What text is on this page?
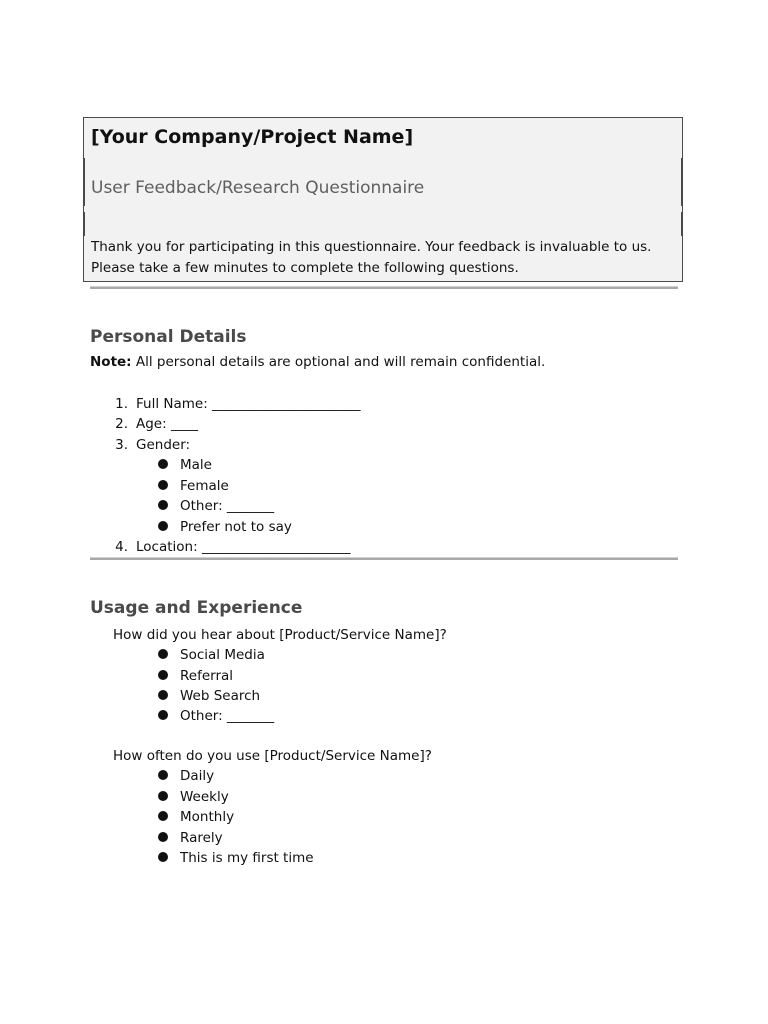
[Your Company/Project Name]
User Feedback/Research Questionnaire
Thank you for participating in this questionnaire. Your feedback is invaluable to us.
Please take a few minutes to complete the following questions.
Personal Details
Note: All personal details are optional and will remain confidential.
1. Full Name: ______________________
2. Age: ____
3. Gender:
Male
Female
Other: _______
Prefer not to say
4. Location: ______________________
Usage and Experience
How did you hear about [Product/Service Name]?
Social Media
Referral
Web Search
Other: _______
How often do you use [Product/Service Name]?
Daily
Weekly
Monthly
Rarely
This is my first time
